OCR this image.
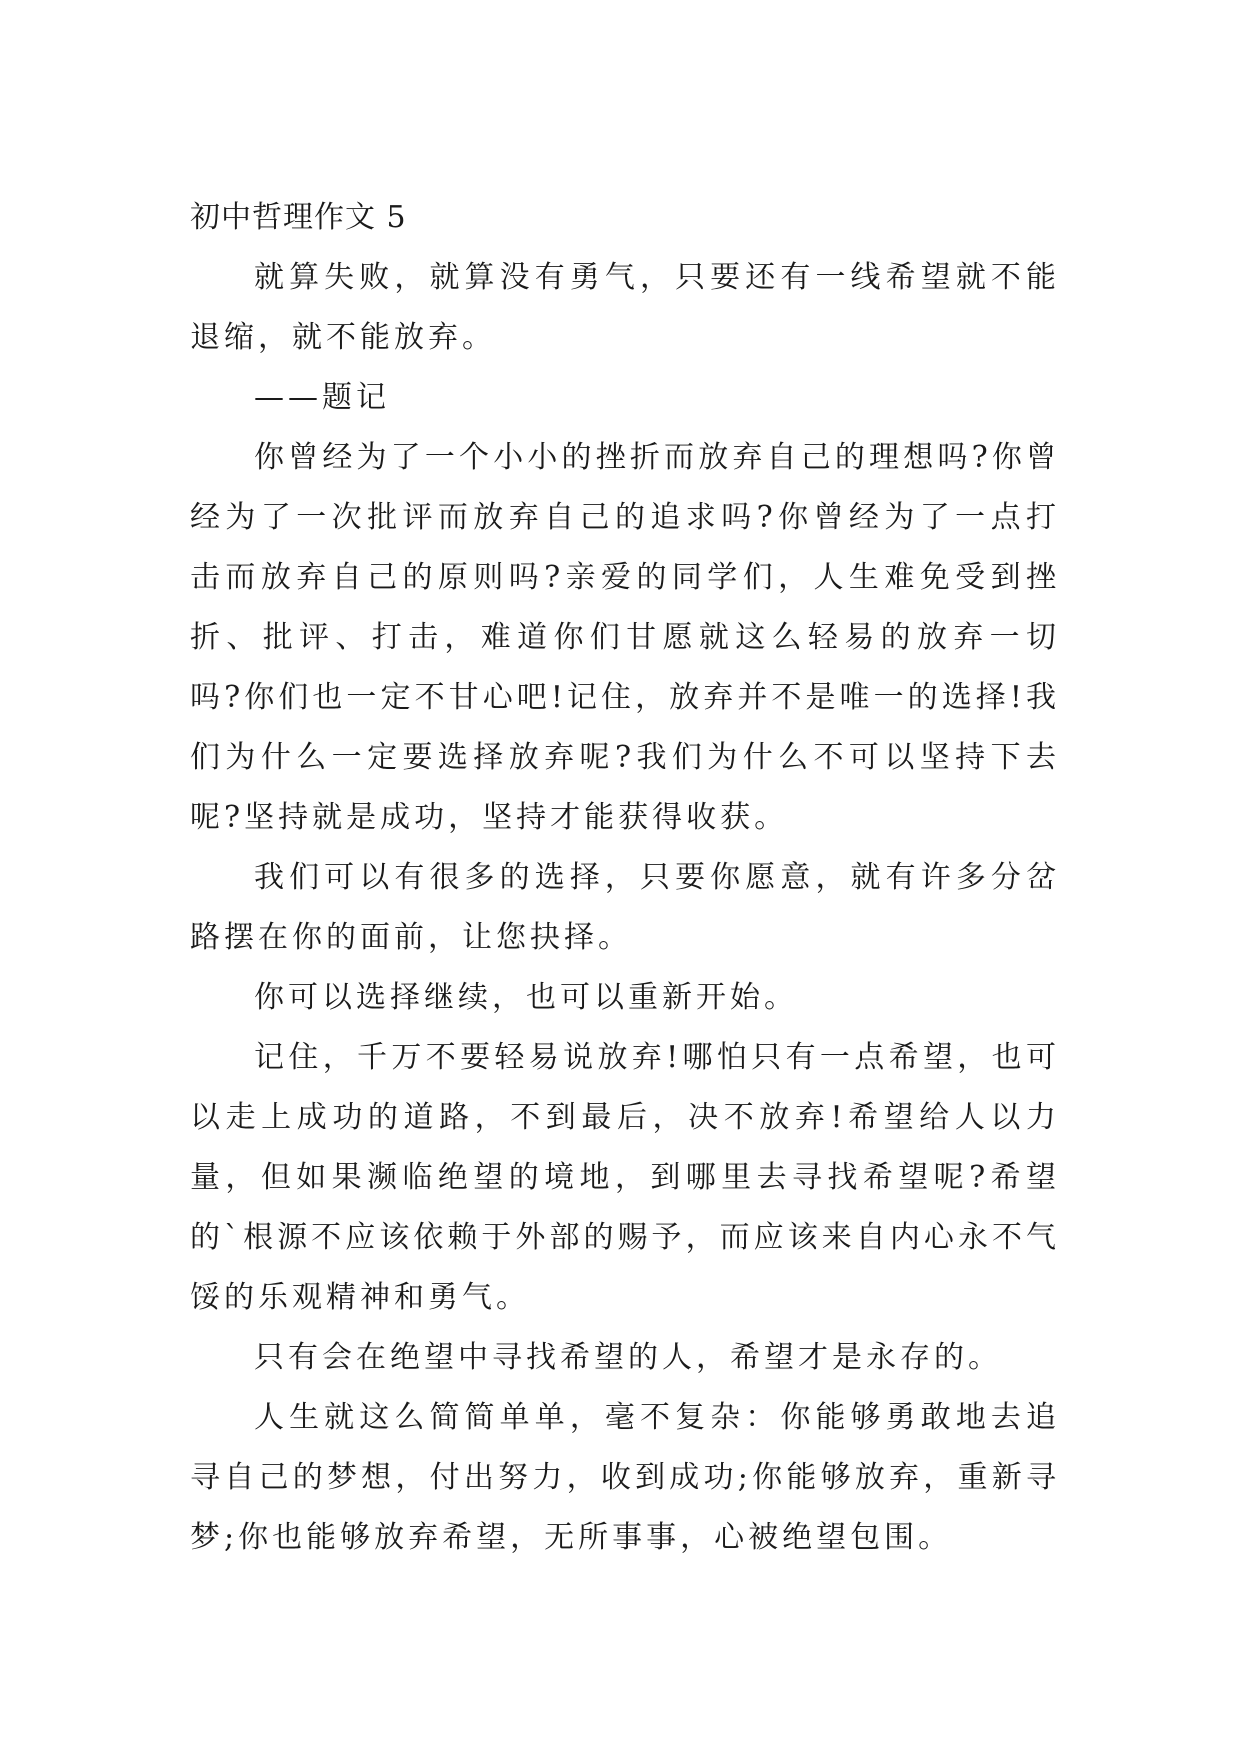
初中哲理作文 5

就算失败，就算没有勇气，只要还有一线希望就不能退缩，就不能放弃。

——题记

你曾经为了一个小小的挫折而放弃自己的理想吗?你曾经为了一次批评而放弃自己的追求吗?你曾经为了一点打击而放弃自己的原则吗?亲爱的同学们，人生难免受到挫折、批评、打击，难道你们甘愿就这么轻易的放弃一切吗?你们也一定不甘心吧!记住，放弃并不是唯一的选择!我们为什么一定要选择放弃呢?我们为什么不可以坚持下去呢?坚持就是成功，坚持才能获得收获。

我们可以有很多的选择，只要你愿意，就有许多分岔路摆在你的面前，让您抉择。

你可以选择继续，也可以重新开始。

记住，千万不要轻易说放弃!哪怕只有一点希望，也可以走上成功的道路，不到最后，决不放弃!希望给人以力量，但如果濒临绝望的境地，到哪里去寻找希望呢?希望的`根源不应该依赖于外部的赐予，而应该来自内心永不气馁的乐观精神和勇气。

只有会在绝望中寻找希望的人，希望才是永存的。

人生就这么简简单单，毫不复杂：你能够勇敢地去追寻自己的梦想，付出努力，收到成功;你能够放弃，重新寻梦;你也能够放弃希望，无所事事，心被绝望包围。
